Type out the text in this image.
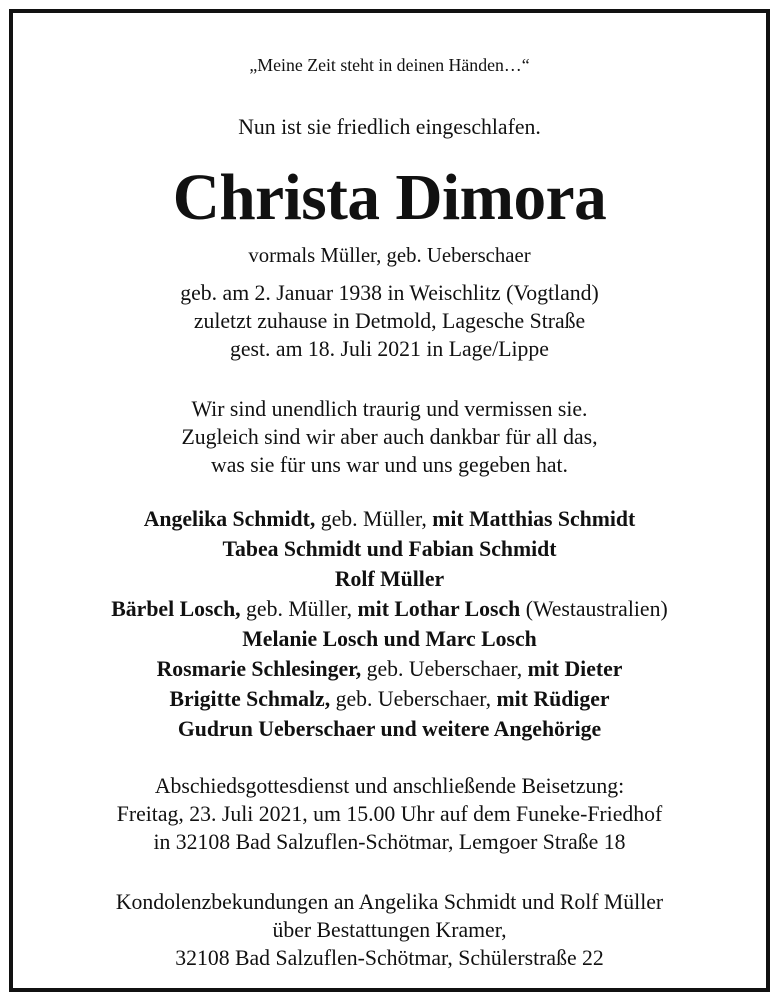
„Meine Zeit steht in deinen Händen…“
Nun ist sie friedlich eingeschlafen.
Christa Dimora
vormals Müller, geb. Ueberschaer
geb. am 2. Januar 1938 in Weischlitz (Vogtland)
zuletzt zuhause in Detmold, Lagesche Straße
gest. am 18. Juli 2021 in Lage/Lippe
Wir sind unendlich traurig und vermissen sie.
Zugleich sind wir aber auch dankbar für all das,
was sie für uns war und uns gegeben hat.
Angelika Schmidt, geb. Müller, mit Matthias Schmidt
Tabea Schmidt und Fabian Schmidt
Rolf Müller
Bärbel Losch, geb. Müller, mit Lothar Losch (Westaustralien)
Melanie Losch und Marc Losch
Rosmarie Schlesinger, geb. Ueberschaer, mit Dieter
Brigitte Schmalz, geb. Ueberschaer, mit Rüdiger
Gudrun Ueberschaer und weitere Angehörige
Abschiedsgottesdienst und anschließende Beisetzung:
Freitag, 23. Juli 2021, um 15.00 Uhr auf dem Funeke-Friedhof
in 32108 Bad Salzuflen-Schötmar, Lemgoer Straße 18
Kondolenzbekundungen an Angelika Schmidt und Rolf Müller
über Bestattungen Kramer,
32108 Bad Salzuflen-Schötmar, Schülerstraße 22
